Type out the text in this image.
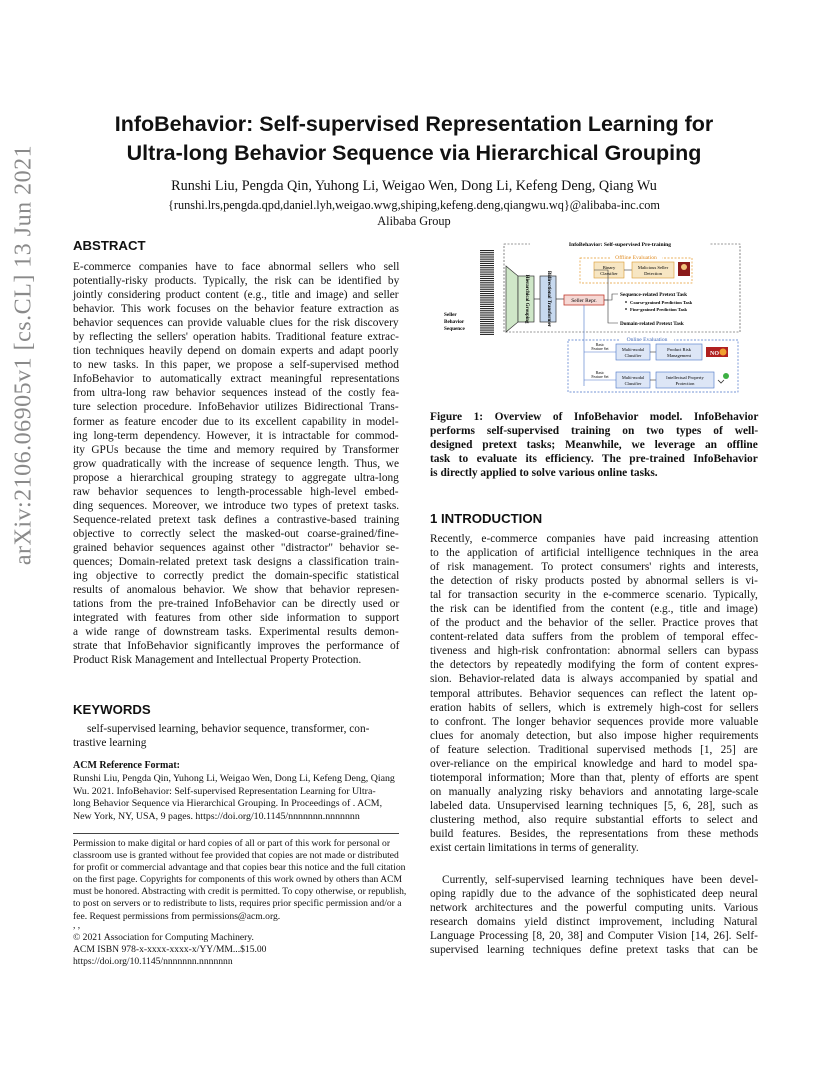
InfoBehavior: Self-supervised Representation Learning for
Ultra-long Behavior Sequence via Hierarchical Grouping
Runshi Liu, Pengda Qin, Yuhong Li, Weigao Wen, Dong Li, Kefeng Deng, Qiang Wu
{runshi.lrs,pengda.qpd,daniel.lyh,weigao.wwg,shiping,kefeng.deng,qiangwu.wq}@alibaba-inc.com
Alibaba Group
arXiv:2106.06905v1 [cs.CL] 13 Jun 2021	ABSTRACT
E-commerce companies have to face abnormal sellers who sell
potentially-risky products. Typically, the risk can be identified by
jointly considering product content (e.g., title and image) and seller
behavior. This work focuses on the behavior feature extraction as
behavior sequences can provide valuable clues for the risk discovery
by reflecting the sellers' operation habits. Traditional feature extrac-
tion techniques heavily depend on domain experts and adapt poorly
to new tasks. In this paper, we propose a self-supervised method
InfoBehavior to automatically extract meaningful representations
from ultra-long raw behavior sequences instead of the costly fea-
ture selection procedure. InfoBehavior utilizes Bidirectional Trans-
former as feature encoder due to its excellent capability in model-
ing long-term dependency. However, it is intractable for commod-
ity GPUs because the time and memory required by Transformer
grow quadratically with the increase of sequence length. Thus, we
propose a hierarchical grouping strategy to aggregate ultra-long
raw behavior sequences to length-processable high-level embed-
ding sequences. Moreover, we introduce two types of pretext tasks.
Sequence-related pretext task defines a contrastive-based training
objective to correctly select the masked-out coarse-grained/fine-
grained behavior sequences against other "distractor" behavior se-
quences; Domain-related pretext task designs a classification train-
ing objective to correctly predict the domain-specific statistical
results of anomalous behavior. We show that behavior represen-
tations from the pre-trained InfoBehavior can be directly used or
integrated with features from other side information to support
a wide range of downstream tasks. Experimental results demon-
strate that InfoBehavior significantly improves the performance of
Product Risk Management and Intellectual Property Protection.
KEYWORDS
self-supervised learning, behavior sequence, transformer, con-
trastive learning
ACM Reference Format:
Runshi Liu, Pengda Qin, Yuhong Li, Weigao Wen, Dong Li, Kefeng Deng, Qiang
Wu. 2021. InfoBehavior: Self-supervised Representation Learning for Ultra-
long Behavior Sequence via Hierarchical Grouping. In Proceedings of . ACM,
New York, NY, USA, 9 pages. https://doi.org/10.1145/nnnnnnn.nnnnnnn
Permission to make digital or hard copies of all or part of this work for personal or
classroom use is granted without fee provided that copies are not made or distributed
for profit or commercial advantage and that copies bear this notice and the full citation
on the first page. Copyrights for components of this work owned by others than ACM
must be honored. Abstracting with credit is permitted. To copy otherwise, or republish,
to post on servers or to redistribute to lists, requires prior specific permission and/or a
fee. Request permissions from permissions@acm.org.
, ,
© 2021 Association for Computing Machinery.
ACM ISBN 978-x-xxxx-xxxx-x/YY/MM...$15.00
https://doi.org/10.1145/nnnnnnn.nnnnnnn
Hierarchical Grouping	Bidirectional Transformer	Seller Repr.
Seller
Behavior
Sequence
InfoBehavior: Self-supervised Pre-training
Offline Evaluation
Binary
Classifier
Malicious Seller
Detection
Sequence-related Pretext Task
Coarse-grained Prediction Task
Fine-grained Prediction Task
Domain-related Pretext Task
Online Evaluation
Basic
Feature Set
Basic
Feature Set
Multi-modal
Classifier
Multi-modal
Classifier
Product Risk
Management
Intellectual Property
Protection
NO
Figure 1: Overview of InfoBehavior model. InfoBehavior
performs self-supervised training on two types of well-
designed pretext tasks; Meanwhile, we leverage an offline
task to evaluate its efficiency. The pre-trained InfoBehavior
is directly applied to solve various online tasks.
1 INTRODUCTION
Recently, e-commerce companies have paid increasing attention
to the application of artificial intelligence techniques in the area
of risk management. To protect consumers' rights and interests,
the detection of risky products posted by abnormal sellers is vi-
tal for transaction security in the e-commerce scenario. Typically,
the risk can be identified from the content (e.g., title and image)
of the product and the behavior of the seller. Practice proves that
content-related data suffers from the problem of temporal effec-
tiveness and high-risk confrontation: abnormal sellers can bypass
the detectors by repeatedly modifying the form of content expres-
sion. Behavior-related data is always accompanied by spatial and
temporal attributes. Behavior sequences can reflect the latent op-
eration habits of sellers, which is extremely high-cost for sellers
to confront. The longer behavior sequences provide more valuable
clues for anomaly detection, but also impose higher requirements
of feature selection. Traditional supervised methods [1, 25] are
over-reliance on the empirical knowledge and hard to model spa-
tiotemporal information; More than that, plenty of efforts are spent
on manually analyzing risky behaviors and annotating large-scale
labeled data. Unsupervised learning techniques [5, 6, 28], such as
clustering method, also require substantial efforts to select and
build features. Besides, the representations from these methods
exist certain limitations in terms of generality.
Currently, self-supervised learning techniques have been devel-
oping rapidly due to the advance of the sophisticated deep neural
network architectures and the powerful computing units. Various
research domains yield distinct improvement, including Natural
Language Processing [8, 20, 38] and Computer Vision [14, 26]. Self-
supervised learning techniques define pretext tasks that can be
